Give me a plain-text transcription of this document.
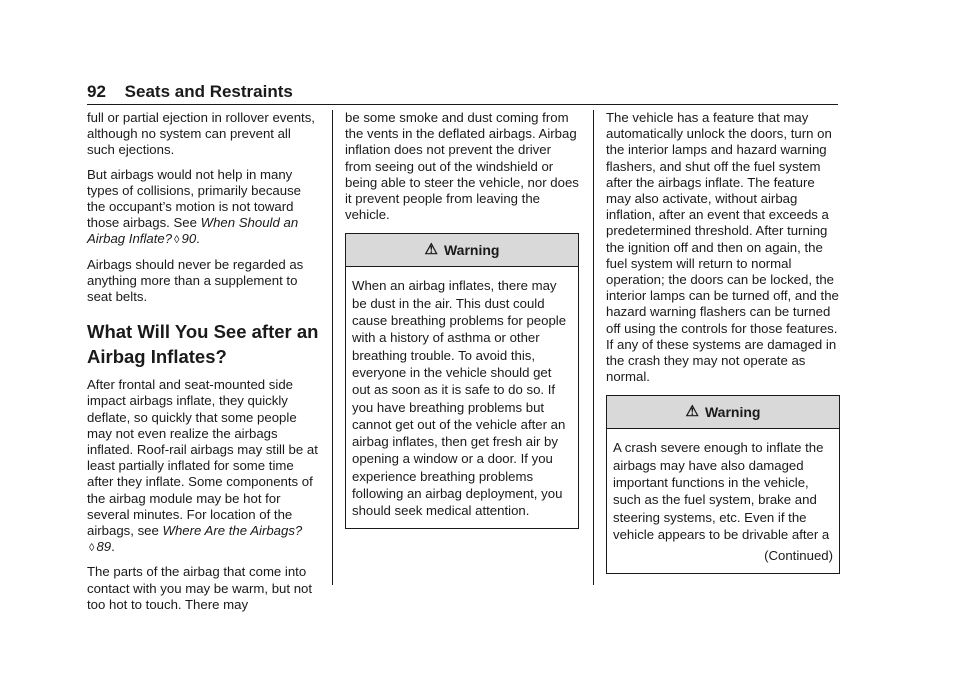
92 Seats and Restraints

full or partial ejection in rollover events, although no system can prevent all such ejections.

But airbags would not help in many types of collisions, primarily because the occupant’s motion is not toward those airbags. See When Should an Airbag Inflate? ◊ 90.

Airbags should never be regarded as anything more than a supplement to seat belts.

What Will You See after an Airbag Inflates?

After frontal and seat-mounted side impact airbags inflate, they quickly deflate, so quickly that some people may not even realize the airbags inflated. Roof-rail airbags may still be at least partially inflated for some time after they inflate. Some components of the airbag module may be hot for several minutes. For location of the airbags, see Where Are the Airbags?◊ 89.

The parts of the airbag that come into contact with you may be warm, but not too hot to touch. There may

be some smoke and dust coming from the vents in the deflated airbags. Airbag inflation does not prevent the driver from seeing out of the windshield or being able to steer the vehicle, nor does it prevent people from leaving the vehicle.

⚠ Warning
When an airbag inflates, there may be dust in the air. This dust could cause breathing problems for people with a history of asthma or other breathing trouble. To avoid this, everyone in the vehicle should get out as soon as it is safe to do so. If you have breathing problems but cannot get out of the vehicle after an airbag inflates, then get fresh air by opening a window or a door. If you experience breathing problems following an airbag deployment, you should seek medical attention.

The vehicle has a feature that may automatically unlock the doors, turn on the interior lamps and hazard warning flashers, and shut off the fuel system after the airbags inflate. The feature may also activate, without airbag inflation, after an event that exceeds a predetermined threshold. After turning the ignition off and then on again, the fuel system will return to normal operation; the doors can be locked, the interior lamps can be turned off, and the hazard warning flashers can be turned off using the controls for those features. If any of these systems are damaged in the crash they may not operate as normal.

⚠ Warning
A crash severe enough to inflate the airbags may have also damaged important functions in the vehicle, such as the fuel system, brake and steering systems, etc. Even if the vehicle appears to be drivable after a
(Continued)
